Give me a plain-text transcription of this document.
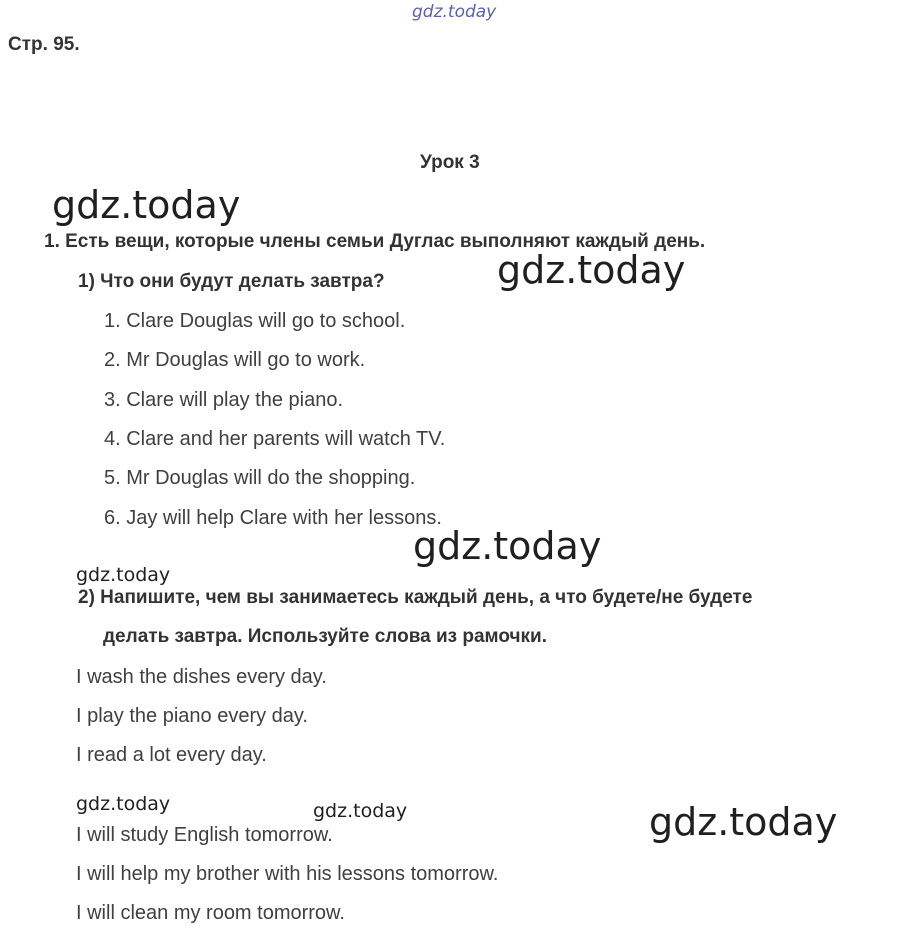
gdz.today
gdz.today
gdz.today
gdz.today
gdz.today
gdz.today	gdz.today	gdz.today
Стр. 95.
Урок 3
1. Есть вещи, которые члены семьи Дуглас выполняют каждый день.
1) Что они будут делать завтра?
1. Clare Douglas will go to school.
2. Mr Douglas will go to work.
3. Clare will play the piano.
4. Clare and her parents will watch TV.
5. Mr Douglas will do the shopping.
6. Jay will help Clare with her lessons.
2) Напишите, чем вы занимаетесь каждый день, а что будете/не будете
делать завтра. Используйте слова из рамочки.
I wash the dishes every day.
I play the piano every day.
I read a lot every day.
I will study English tomorrow.
I will help my brother with his lessons tomorrow.
I will clean my room tomorrow.
